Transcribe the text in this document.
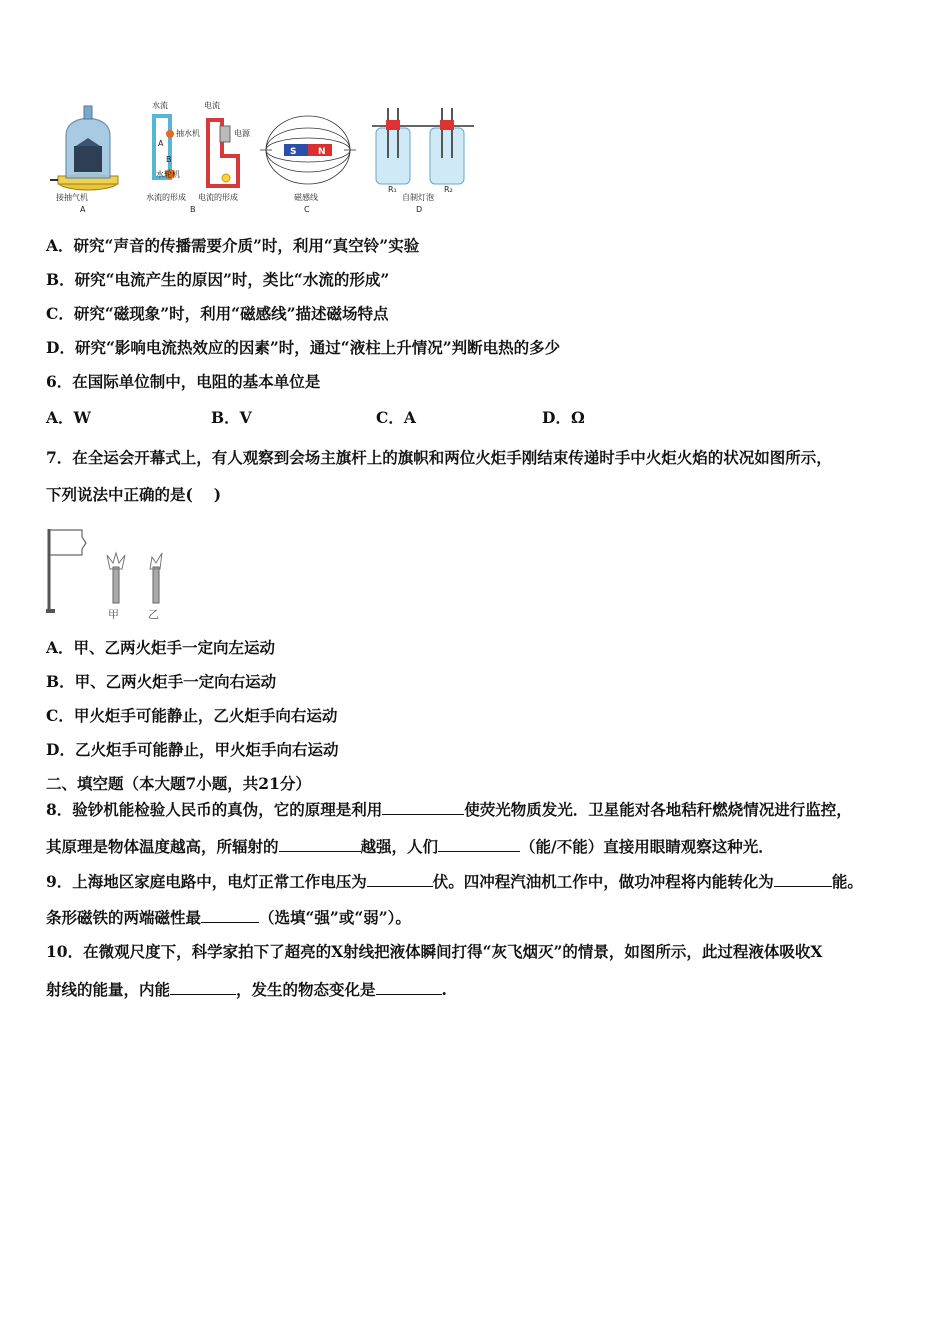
接抽气机
A
水流	电流
抽水机
A
B
水轮机
电源
水流的形成 电流的形成
B
S N
磁感线
C
R₁	R₂
自制灯泡
D
A．研究“声音的传播需要介质”时，利用“真空铃”实验
B．研究“电流产生的原因”时，类比“水流的形成”
C．研究“磁现象”时，利用“磁感线”描述磁场特点
D．研究“影响电流热效应的因素”时，通过“液柱上升情况”判断电热的多少
6．在国际单位制中，电阻的基本单位是
A．W	B．V	C．A	D．Ω
7．在全运会开幕式上，有人观察到会场主旗杆上的旗帜和两位火炬手刚结束传递时手中火炬火焰的状况如图所示，
下列说法中正确的是(　 )
甲	乙
A．甲、乙两火炬手一定向左运动
B．甲、乙两火炬手一定向右运动
C．甲火炬手可能静止，乙火炬手向右运动
D．乙火炬手可能静止，甲火炬手向右运动
二、填空题（本大题7小题，共21分）
8．验钞机能检验人民币的真伪，它的原理是利用	使荧光物质发光．卫星能对各地秸秆燃烧情况进行监控，
其原理是物体温度越高，所辐射的	越强，人们	（能/不能）直接用眼睛观察这种光．
9．上海地区家庭电路中，电灯正常工作电压为	伏。四冲程汽油机工作中，做功冲程将内能转化为	能。
条形磁铁的两端磁性最	（选填“强”或“弱”）。
10．在微观尺度下，科学家拍下了超亮的X射线把液体瞬间打得“灰飞烟灭”的情景，如图所示，此过程液体吸收X
射线的能量，内能	，发生的物态变化是	.
